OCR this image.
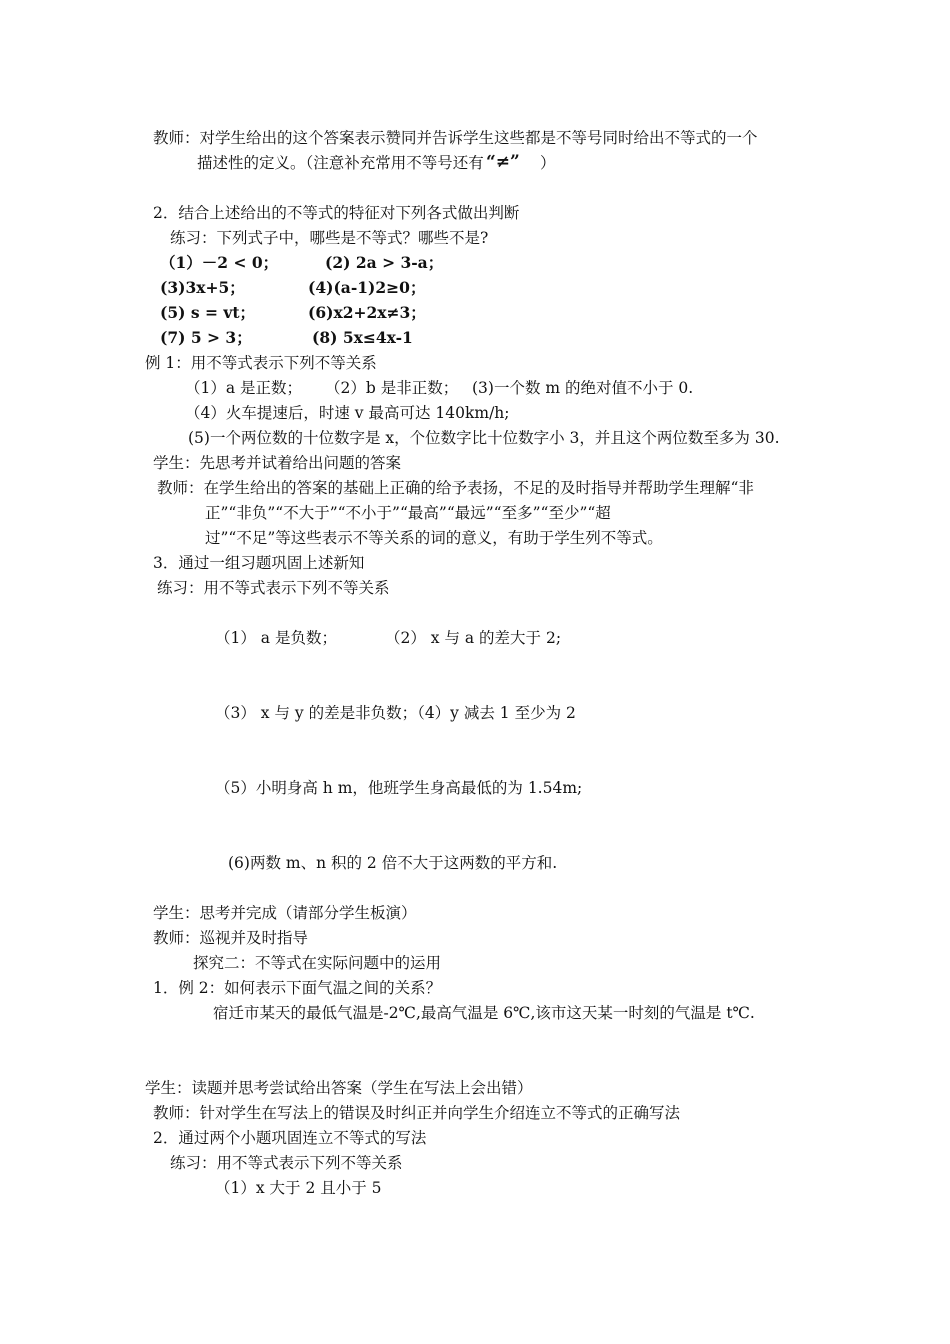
教师：对学生给出的这个答案表示赞同并告诉学生这些都是不等号同时给出不等式的一个
描述性的定义。（注意补充常用不等号还有 “≠” ）
2．结合上述给出的不等式的特征对下列各式做出判断
练习：下列式子中，哪些是不等式？哪些不是?
（1）－2 < 0；	(2) 2a > 3-a；
(3)3x+5；	(4)(a-1)2≥0；
(5) s = vt；	(6)x2+2x≠3；
(7) 5 > 3；	(8) 5x≤4x-1
例 1：用不等式表示下列不等关系
（1）a 是正数； （2）b 是非正数； (3)一个数 m 的绝对值不小于 0.
（4）火车提速后，时速 v 最高可达 140km/h;
(5)一个两位数的十位数字是 x，个位数字比十位数字小 3，并且这个两位数至多为 30.
学生：先思考并试着给出问题的答案
教师：在学生给出的答案的基础上正确的给予表扬，不足的及时指导并帮助学生理解“非
正”“非负”“不大于”“不小于”“最高”“最远”“至多”“至少”“超
过”“不足”等这些表示不等关系的词的意义，有助于学生列不等式。
3．通过一组习题巩固上述新知
练习：用不等式表示下列不等关系
（1） a 是负数；	（2） x 与 a 的差大于 2;
（3） x 与 y 的差是非负数；（4）y 减去 1 至少为 2
（5）小明身高 h m，他班学生身高最低的为 1.54m;
(6)两数 m、n 积的 2 倍不大于这两数的平方和.
学生：思考并完成（请部分学生板演）
教师：巡视并及时指导
探究二：不等式在实际问题中的运用
1．例 2：如何表示下面气温之间的关系？
宿迁市某天的最低气温是-2℃,最高气温是 6℃,该市这天某一时刻的气温是 t℃.
学生：读题并思考尝试给出答案（学生在写法上会出错）
教师：针对学生在写法上的错误及时纠正并向学生介绍连立不等式的正确写法
2．通过两个小题巩固连立不等式的写法
练习：用不等式表示下列不等关系
（1）x 大于 2 且小于 5
